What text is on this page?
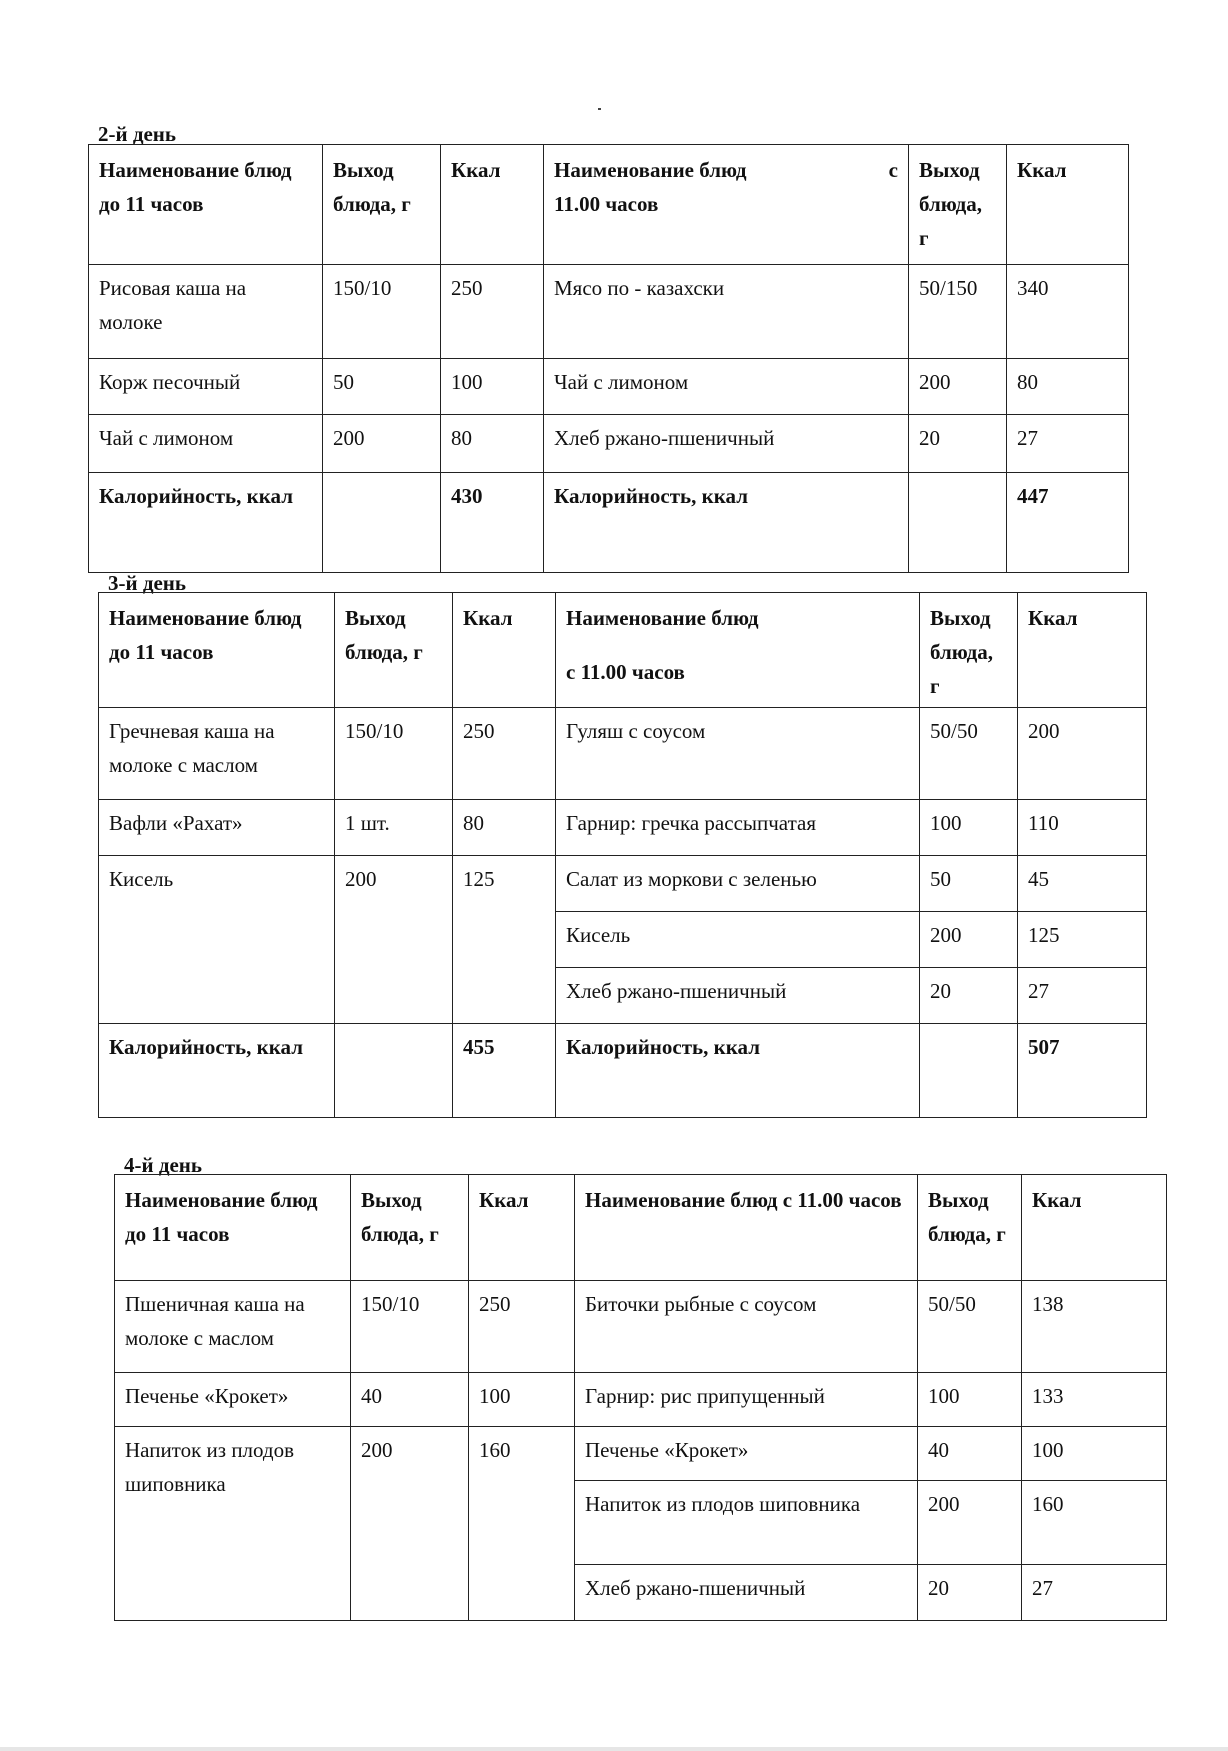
2-й день
Наименование блюд до 11 часов	Выход блюда, г	Ккал	Наименование блюд с
11.00 часов	Выход блюда, г	Ккал
Рисовая каша на молоке	150/10	250	Мясо по - казахски	50/150	340
Корж песочный	50	100	Чай с лимоном	200	80
Чай с лимоном	200	80	Хлеб ржано-пшеничный	20	27
Калорийность, ккал		430	Калорийность, ккал		447
3-й день
Наименование блюд до 11 часов	Выход блюда, г	Ккал	Наименование блюд
с 11.00 часов	Выход блюда, г	Ккал
Гречневая каша на молоке с маслом	150/10	250	Гуляш с соусом	50/50	200
Вафли «Рахат»	1 шт.	80	Гарнир: гречка рассыпчатая	100	110
Кисель	200	125	Салат из моркови с зеленью	50	45
			Кисель	200	125
			Хлеб ржано-пшеничный	20	27
Калорийность, ккал		455	Калорийность, ккал		507
4-й день
Наименование блюд до 11 часов	Выход блюда, г	Ккал	Наименование блюд с 11.00 часов	Выход блюда, г	Ккал
Пшеничная каша на молоке с маслом	150/10	250	Биточки рыбные с соусом	50/50	138
Печенье «Крокет»	40	100	Гарнир: рис припущенный	100	133
Напиток из плодов шиповника	200	160	Печенье «Крокет»	40	100
			Напиток из плодов шиповника	200	160
			Хлеб ржано-пшеничный	20	27
